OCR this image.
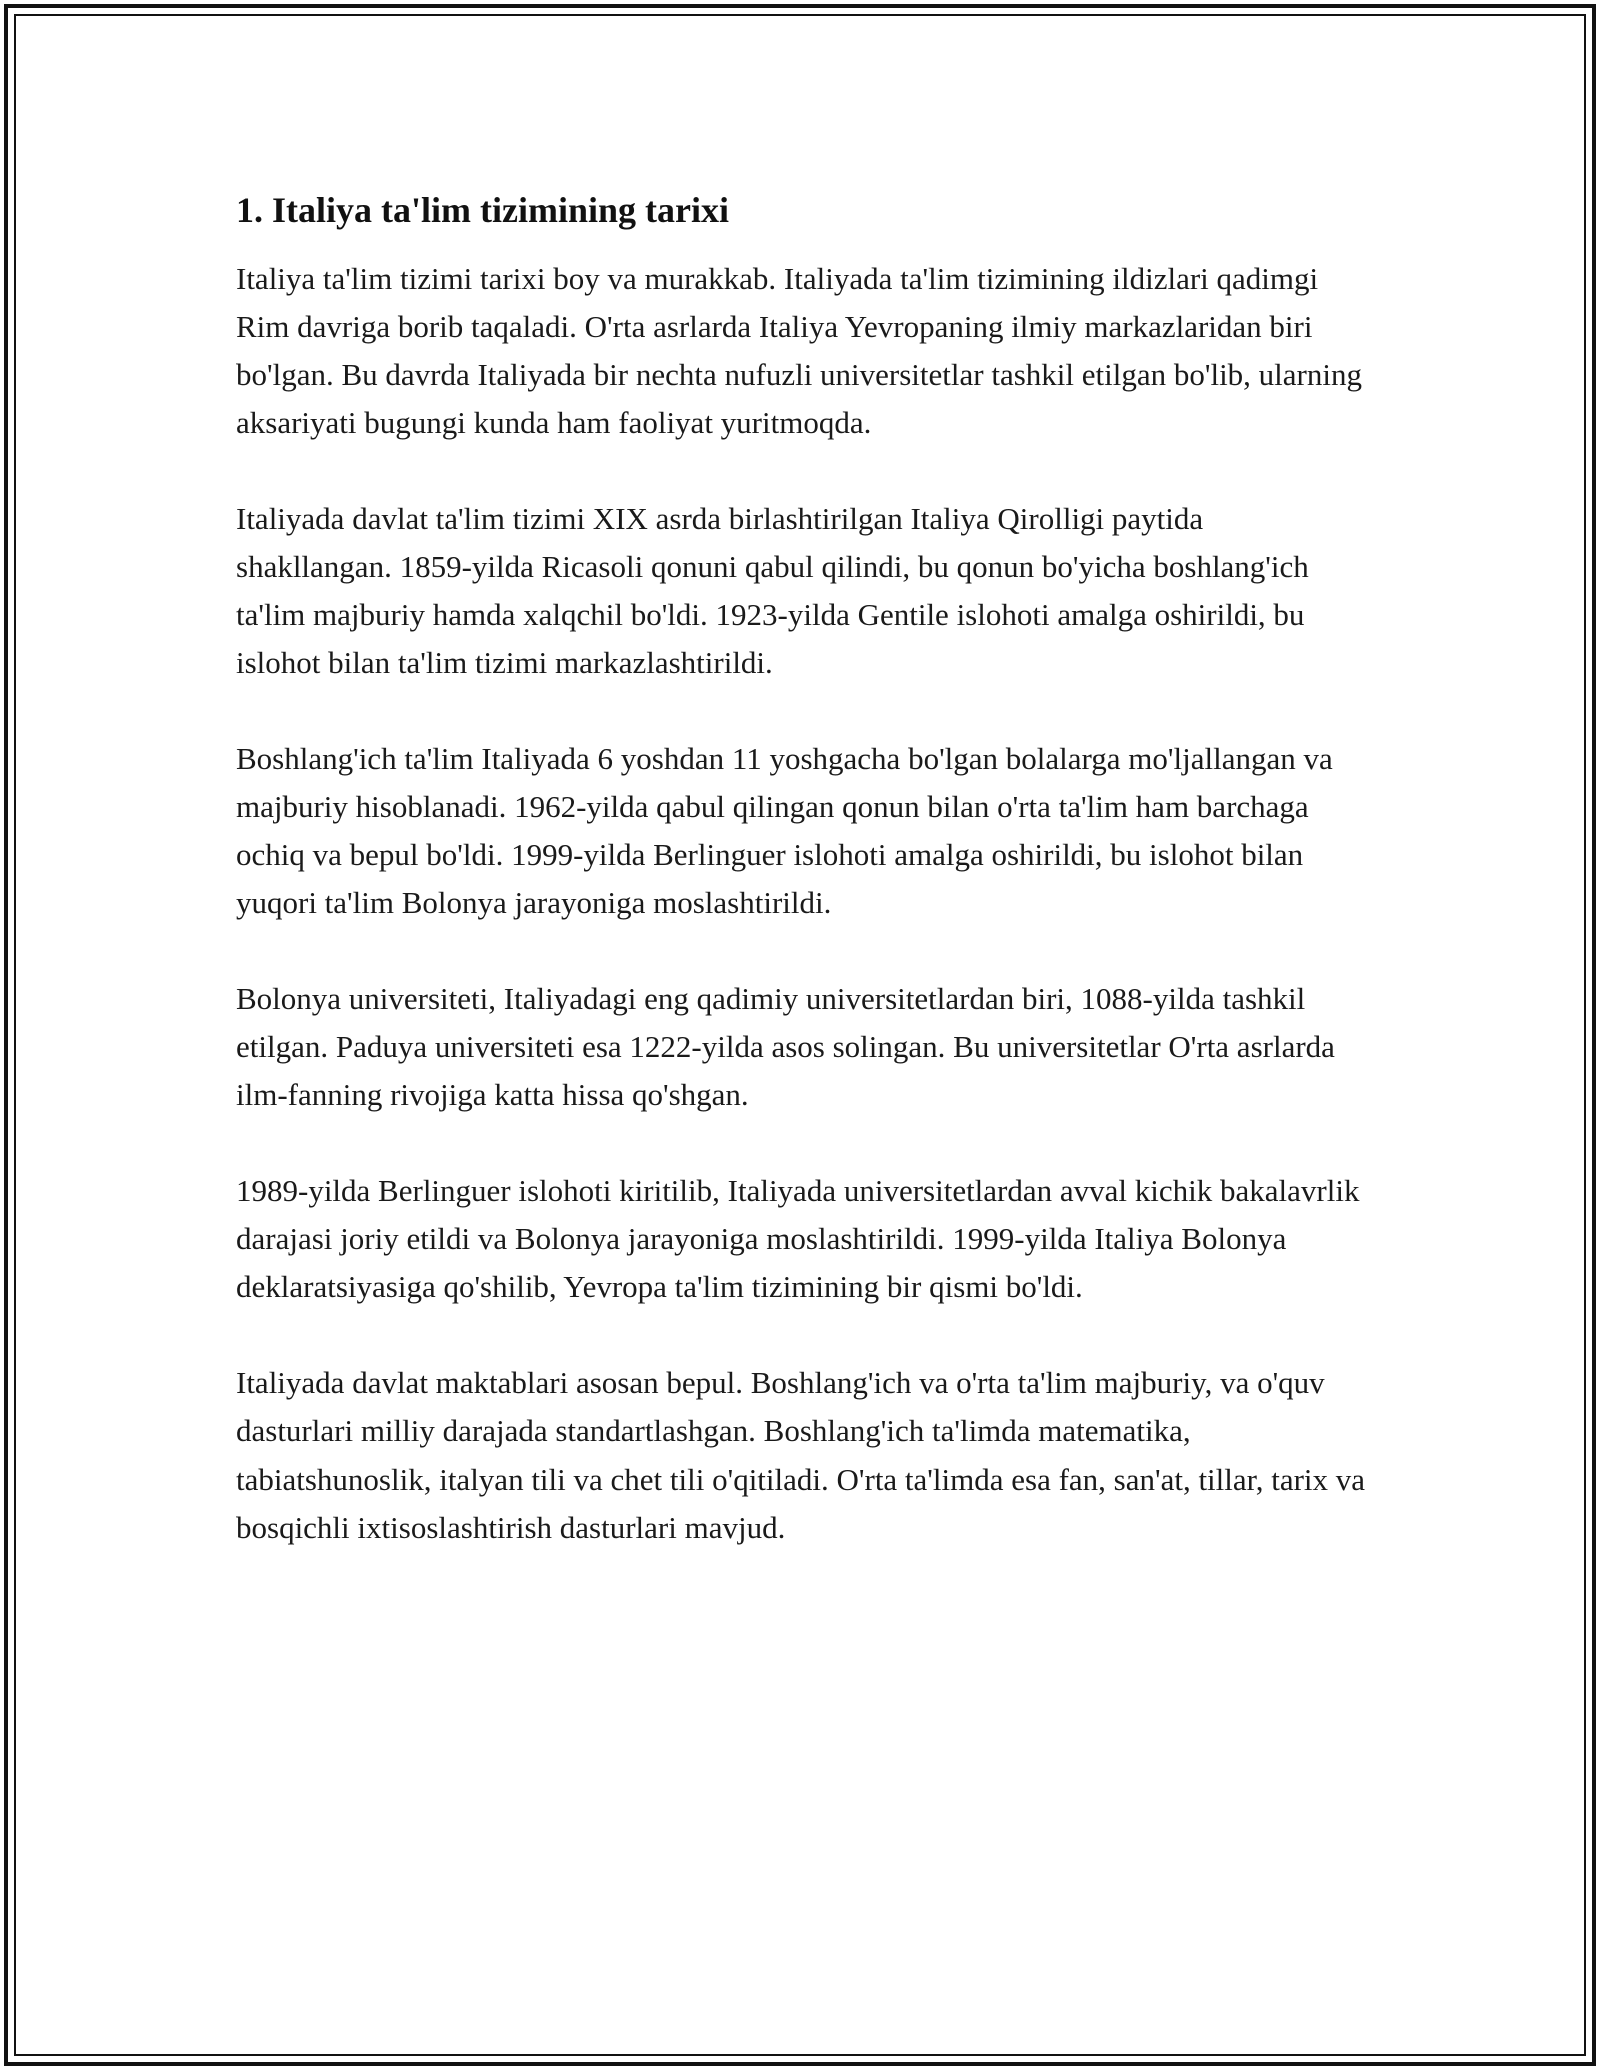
1. Italiya ta'lim tizimining tarixi

Italiya ta'lim tizimi tarixi boy va murakkab. Italiyada ta'lim tizimining ildizlari qadimgi Rim davriga borib taqaladi. O'rta asrlarda Italiya Yevropaning ilmiy markazlaridan biri bo'lgan. Bu davrda Italiyada bir nechta nufuzli universitetlar tashkil etilgan bo'lib, ularning aksariyati bugungi kunda ham faoliyat yuritmoqda.

Italiyada davlat ta'lim tizimi XIX asrda birlashtirilgan Italiya Qirolligi paytida shakllangan. 1859-yilda Ricasoli qonuni qabul qilindi, bu qonun bo'yicha boshlang'ich ta'lim majburiy hamda xalqchil bo'ldi. 1923-yilda Gentile islohoti amalga oshirildi, bu islohot bilan ta'lim tizimi markazlashtirildi.

Boshlang'ich ta'lim Italiyada 6 yoshdan 11 yoshgacha bo'lgan bolalarga mo'ljallangan va majburiy hisoblanadi. 1962-yilda qabul qilingan qonun bilan o'rta ta'lim ham barchaga ochiq va bepul bo'ldi. 1999-yilda Berlinguer islohoti amalga oshirildi, bu islohot bilan yuqori ta'lim Bolonya jarayoniga moslashtirildi.

Bolonya universiteti, Italiyadagi eng qadimiy universitetlardan biri, 1088-yilda tashkil etilgan. Paduya universiteti esa 1222-yilda asos solingan. Bu universitetlar O'rta asrlarda ilm-fanning rivojiga katta hissa qo'shgan.

1989-yilda Berlinguer islohoti kiritilib, Italiyada universitetlardan avval kichik bakalavrlik darajasi joriy etildi va Bolonya jarayoniga moslashtirildi. 1999-yilda Italiya Bolonya deklaratsiyasiga qo'shilib, Yevropa ta'lim tizimining bir qismi bo'ldi.

Italiyada davlat maktablari asosan bepul. Boshlang'ich va o'rta ta'lim majburiy, va o'quv dasturlari milliy darajada standartlashgan. Boshlang'ich ta'limda matematika, tabiatshunoslik, italyan tili va chet tili o'qitiladi. O'rta ta'limda esa fan, san'at, tillar, tarix va bosqichli ixtisoslashtirish dasturlari mavjud.
